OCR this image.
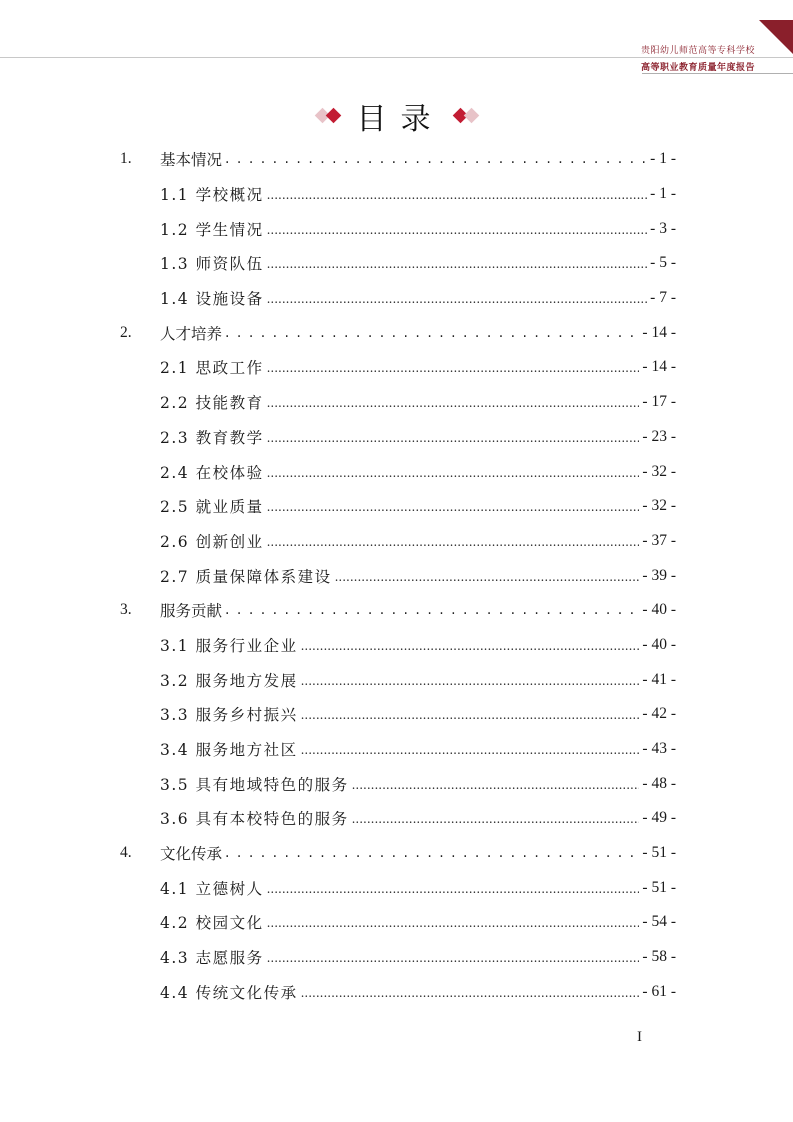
贵阳幼儿师范高等专科学校
高等职业教育质量年度报告
目录
1.	基本情况 . . .	- 1 -
1.1 学校概况 .....	- 1 -
1.2 学生情况 .....	- 3 -
1.3 师资队伍 .....	- 5 -
1.4 设施设备 .....	- 7 -
2.	人才培养 . . .	- 14 -
2.1 思政工作 .....	- 14 -
2.2 技能教育 .....	- 17 -
2.3 教育教学 .....	- 23 -
2.4 在校体验 .....	- 32 -
2.5 就业质量 .....	- 32 -
2.6 创新创业 .....	- 37 -
2.7 质量保障体系建设 .....	- 39 -
3.	服务贡献 . . .	- 40 -
3.1 服务行业企业 .....	- 40 -
3.2 服务地方发展 .....	- 41 -
3.3 服务乡村振兴 .....	- 42 -
3.4 服务地方社区 .....	- 43 -
3.5 具有地域特色的服务 .....	- 48 -
3.6 具有本校特色的服务 .....	- 49 -
4.	文化传承 . . .	- 51 -
4.1 立德树人 .....	- 51 -
4.2 校园文化 .....	- 54 -
4.3 志愿服务 .....	- 58 -
4.4 传统文化传承 .....	- 61 -
I
